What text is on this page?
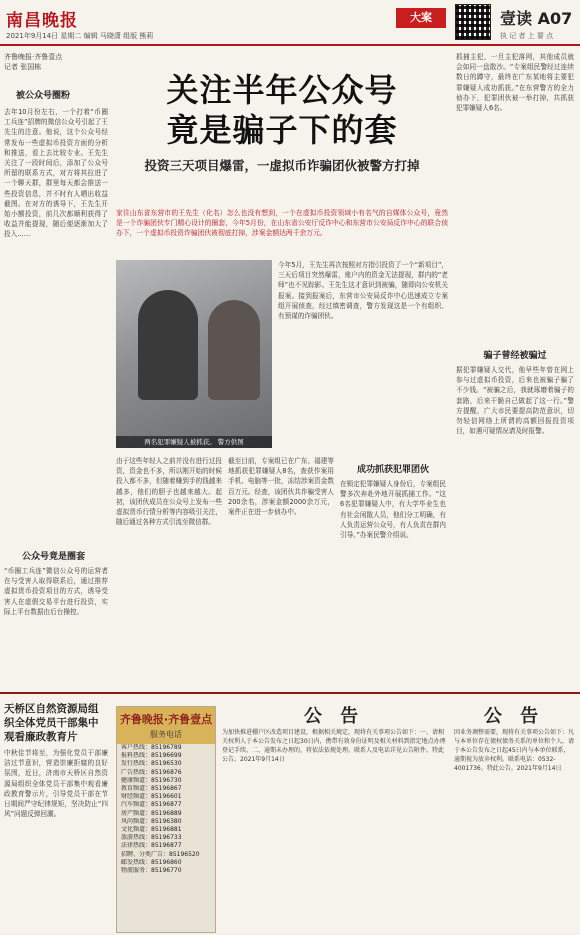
南昌晚报
2021年9月14日 星期二 编辑 马晓潇 组版 熊莉
大案	壹读 A07
执 记 者 上 要 点
齐鲁晚报·齐鲁壹点
记者 张国栋
被公众号圈粉
去年10月份左右，一个打着“币圈工兵连”招牌的微信公众号引起了王先生的注意。他说，这个公众号经常发布一些虚拟币投资方面的分析和推送，看上去比较专业。王先生关注了一段时间后，添加了公众号所留的联系方式，对方将其拉进了一个聊天群，群里每天都会推送一些投资信息，并不时有人晒出收益截图。在对方的诱导下，王先生开始小额投资，前几次都顺利获得了收益并能提现，随后便逐渐加大了投入……
公众号竟是圈套
“币圈工兵连”微信公众号的运营者在与受害人取得联系后，通过推荐虚拟货币投资项目的方式，诱导受害人在虚假交易平台进行投资，实际上平台数据由后台操控。
关注半年公众号
竟是骗子下的套
投资三天项目爆雷，一虚拟币诈骗团伙被警方打掉
家住山东省东营市的王先生（化名）怎么也没有想到，一个在虚拟币投资领域小有名气的自媒体公众号，竟然是一个诈骗团伙专门精心设计的圈套，今年5月份，在山东省公安厅反诈中心和东营市公安局反诈中心的联合侦办下，一个虚拟币投资诈骗团伙被彻底打掉，涉案金额达两千余万元。
两名犯罪嫌疑人被抓获。 警方供图
今年5月，王先生再次按照对方指引投资了一个“新项目”，三天后项目突然爆雷，账户内的资金无法提现，群内的“老师”也不见踪影。王先生这才意识到被骗，随即向公安机关报案。接到报案后，东营市公安局反诈中心迅速成立专案组开展侦查，经过缜密调查，警方发现这是一个有组织、有预谋的诈骗团伙。
由于这些年轻人之前并没有进行过投资，资金也不多，所以刚开始的时候投入都不多，但随着赚到手的钱越来越多，他们的胆子也越来越大。起初，该团伙成员在公众号上发布一些虚拟货币行情分析等内容吸引关注，随后通过各种方式引流至微信群。
截至目前，专案组已在广东、福建等地抓获犯罪嫌疑人8名，查获作案用手机、电脑等一批，冻结涉案资金数百万元。经查，该团伙共诈骗受害人200余名，涉案金额2000余万元，案件正在进一步侦办中。
成功抓获犯罪团伙
在锁定犯罪嫌疑人身份后，专案组民警多次奔赴外地开展抓捕工作。“这6名犯罪嫌疑人中，有大学毕业生也有社会闲散人员，他们分工明确，有人负责运营公众号，有人负责在群内引导。”办案民警介绍说。
抓捕主犯，一旦主犯落网，其他成员就会如同一盘散沙。“专案组民警经过连续数日的蹲守，最终在广东某地将主要犯罪嫌疑人成功抓获。”在东营警方的全力侦办下，犯罪团伙被一举打掉，共抓获犯罪嫌疑人6名。
骗子曾经被骗过
据犯罪嫌疑人交代，他早些年曾在网上参与过虚拟币投资，后来也被骗子骗了不少钱。“被骗之后，我就琢磨着骗子的套路，后来干脆自己做起了这一行。”警方提醒，广大市民要提高防范意识，切勿轻信网络上所谓的高额回报投资项目，如遇可疑情况请及时报警。
天桥区自然资源局组织全体党员干部集中观看廉政教育片
中秋佳节将至，为强化党员干部廉洁过节意识，营造崇廉拒腐的良好氛围，近日，济南市天桥区自然资源局组织全体党员干部集中观看廉政教育警示片，引导党员干部在节日期间严守纪律规矩，坚决防止“四风”问题反弹回潮。
齐鲁晚报·齐鲁壹点
服务电话
客户热线：85196789
报料热线：85196699
发行热线：85196530
广告热线：85196876
健康频道：85196730
教育频道：85196867
财经频道：85196601
汽车频道：85196877
房产频道：85196889
风尚频道：85196380
文化频道：85196881
旅游热线：85196733
法律热线：85196877
招聘、分类广告：85196520
邮发热线：85196860
物流服务：85196770
公 告
为加快推进棚户区改造项目建设，根据相关规定，现将有关事项公告如下：一、请相关权利人于本公告发布之日起30日内，携带有效身份证明及相关材料到指定地点办理登记手续。二、逾期未办理的，将依法依规处理。联系人及电话详见公告附件。特此公告。2021年9月14日
公 告
因业务调整需要，现将有关事项公告如下：凡与本单位存在债权债务关系的单位和个人，请于本公告发布之日起45日内与本单位联系，逾期视为放弃权利。联系电话：0532-4001736。特此公告。2021年9月14日
